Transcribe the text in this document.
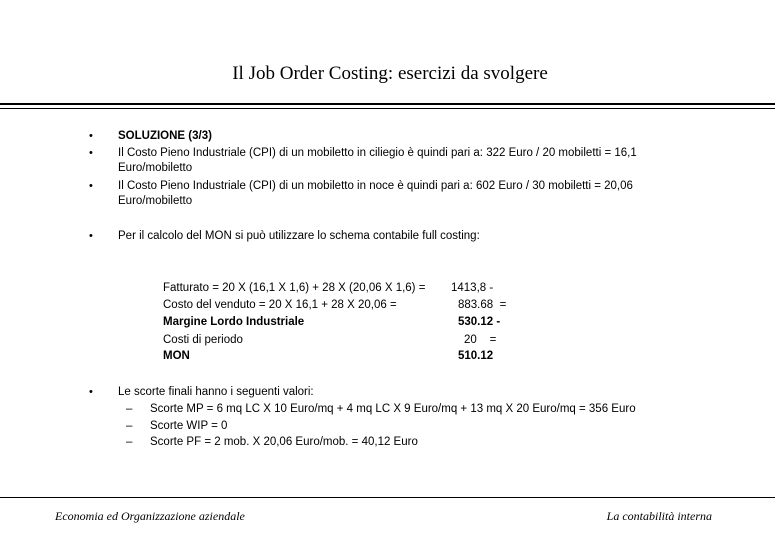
Il Job Order Costing: esercizi da svolgere
• SOLUZIONE (3/3)
• Il Costo Pieno Industriale (CPI) di un mobiletto in ciliegio è quindi pari a: 322 Euro / 20 mobiletti = 16,1
Euro/mobiletto
• Il Costo Pieno Industriale (CPI) di un mobiletto in noce è quindi pari a: 602 Euro / 30 mobiletti = 20,06
Euro/mobiletto
• Per il calcolo del MON si può utilizzare lo schema contabile full costing:
Fatturato = 20 X (16,1 X 1,6) + 28 X (20,06 X 1,6) = 1413,8 -
Costo del venduto = 20 X 16,1 + 28 X 20,06 =	883.68  =
Margine Lordo Industriale	530.12 -
Costi di periodo	20    =
MON	510.12
• Le scorte finali hanno i seguenti valori:
– Scorte MP = 6 mq LC X 10 Euro/mq + 4 mq LC X 9 Euro/mq + 13 mq X 20 Euro/mq = 356 Euro
– Scorte WIP = 0
– Scorte PF = 2 mob. X 20,06 Euro/mob. = 40,12 Euro
Economia ed Organizzazione aziendale	La contabilità interna
